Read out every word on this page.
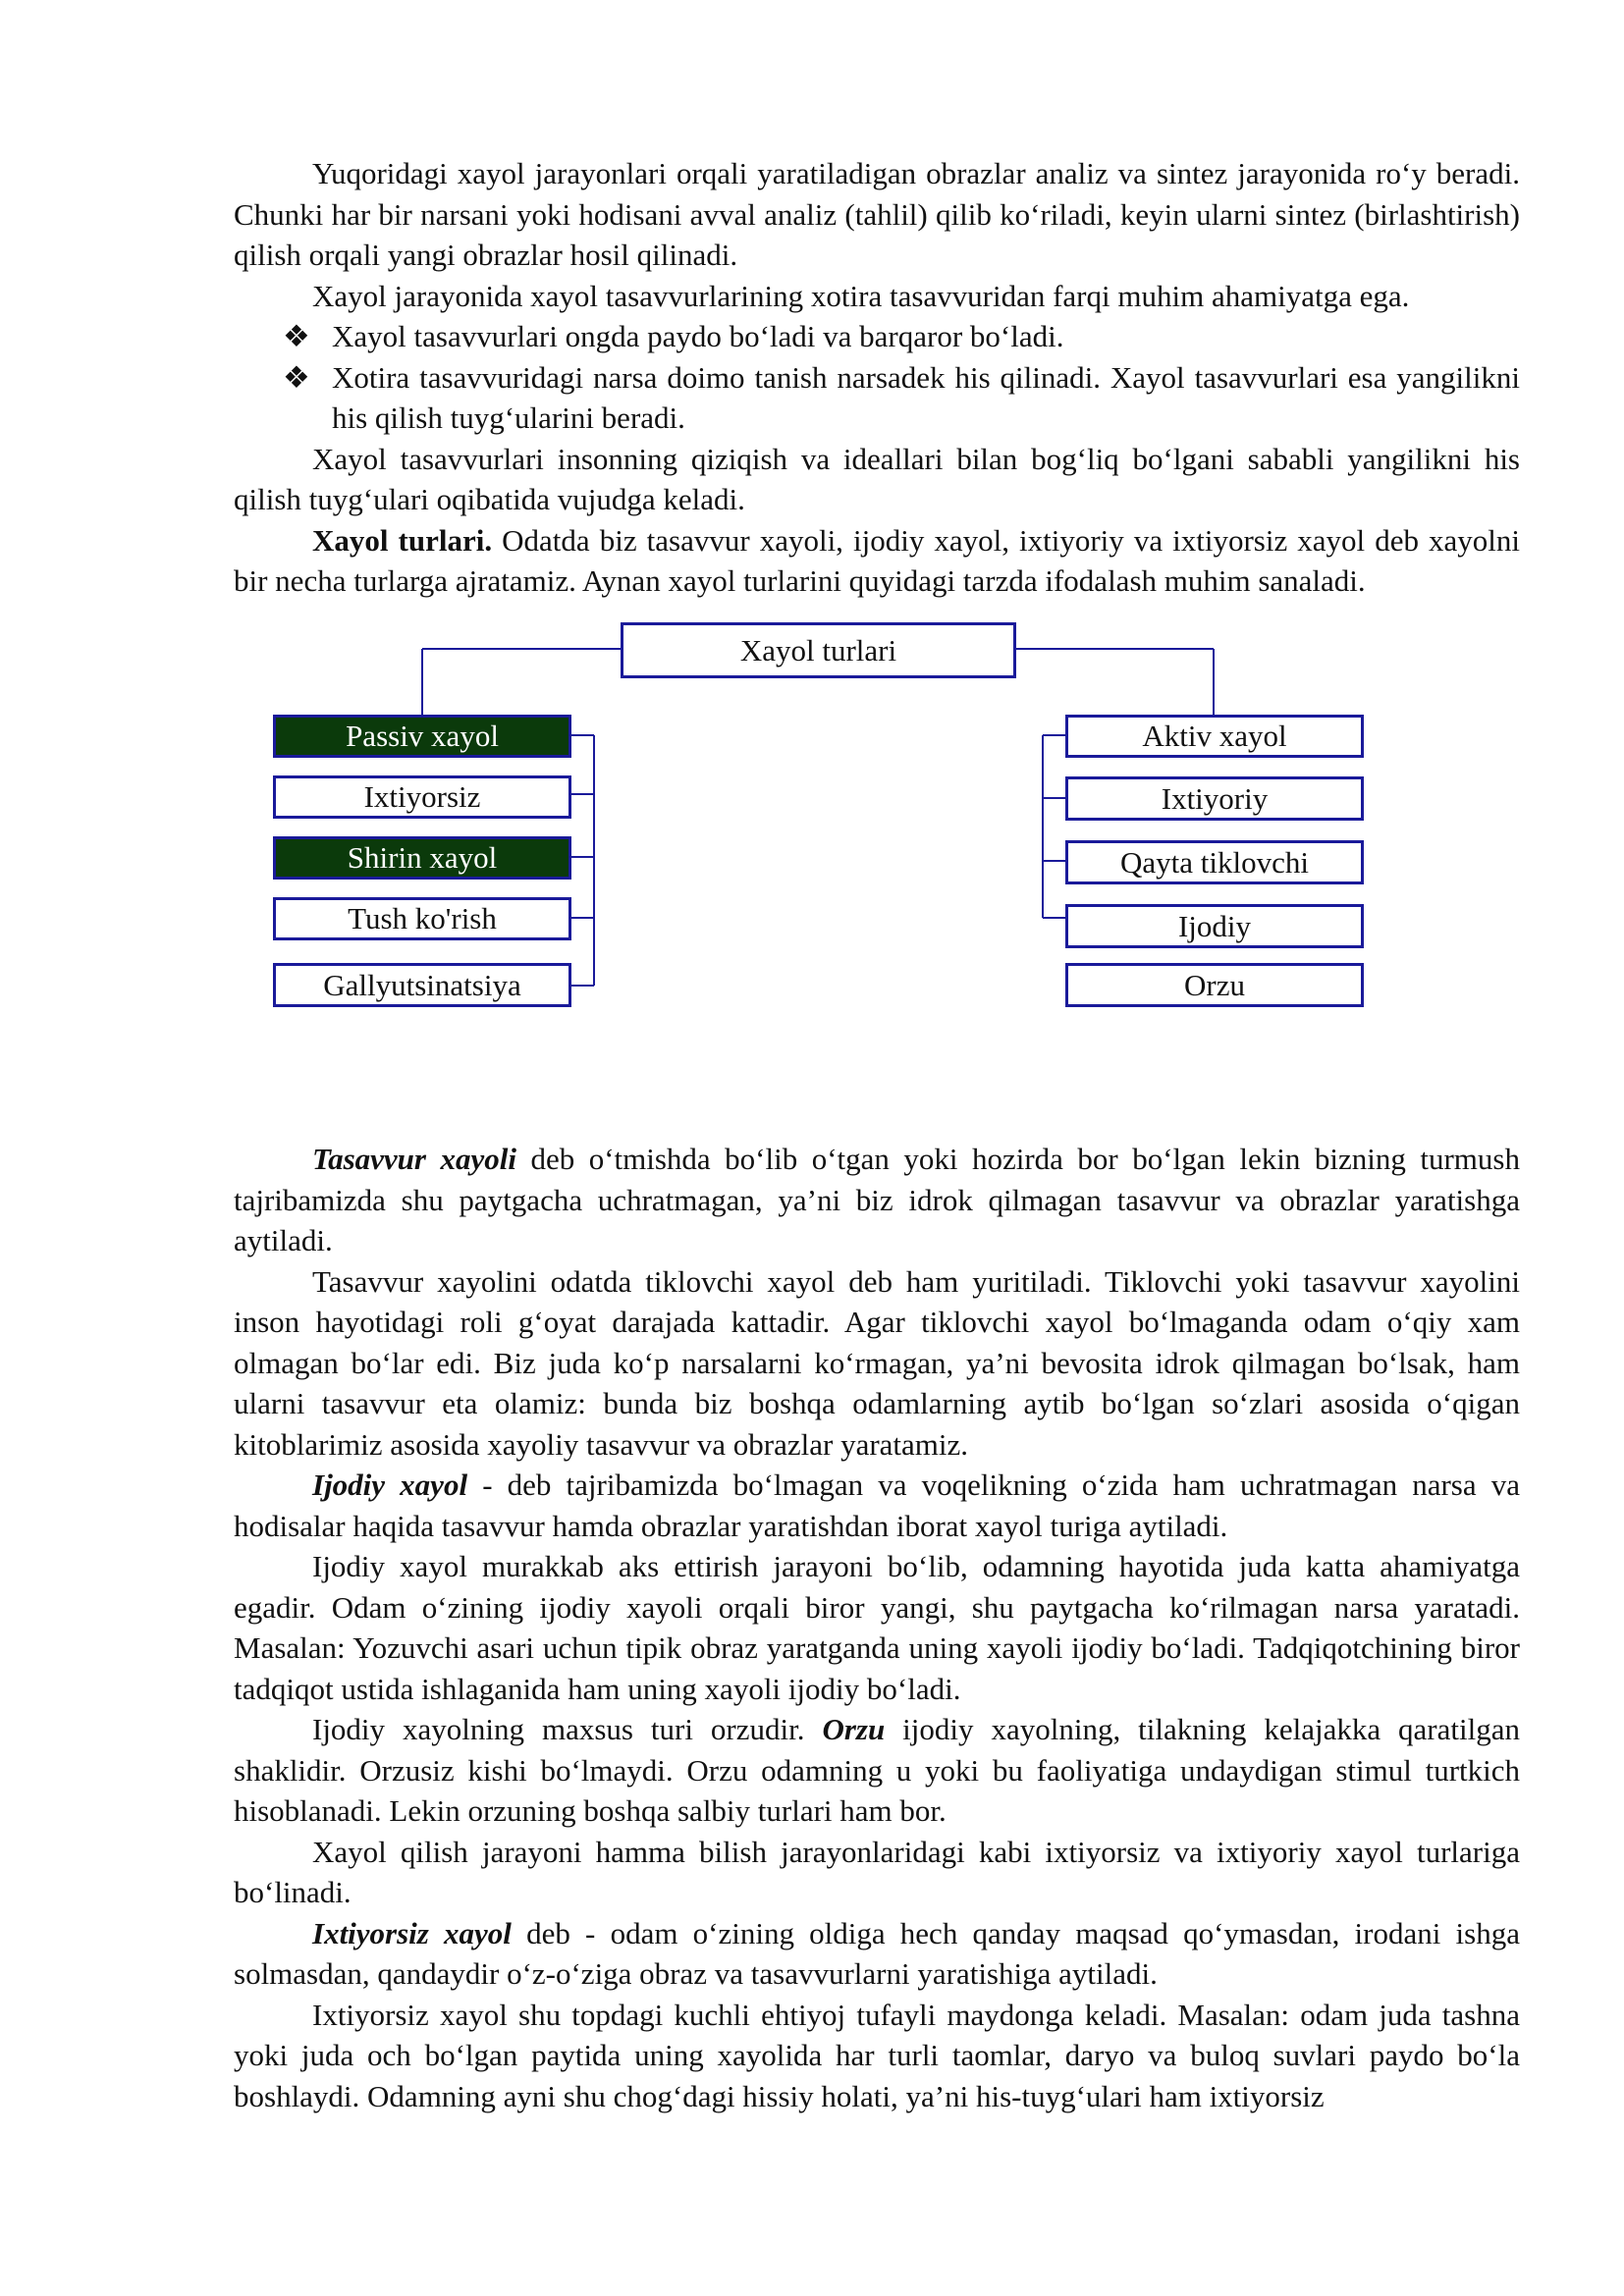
Yuqoridagi xayol jarayonlari orqali yaratiladigan obrazlar analiz va sintez jarayonida ro‘y beradi. Chunki har bir narsani yoki hodisani avval analiz (tahlil) qilib ko‘riladi, keyin ularni sintez (birlashtirish) qilish orqali yangi obrazlar hosil qilinadi.

Xayol jarayonida xayol tasavvurlarining xotira tasavvuridan farqi muhim ahamiyatga ega.

❖ Xayol tasavvurlari ongda paydo bo‘ladi va barqaror bo‘ladi.

❖ Xotira tasavvuridagi narsa doimo tanish narsadek his qilinadi. Xayol tasavvurlari esa yangilikni his qilish tuyg‘ularini beradi.

Xayol tasavvurlari insonning qiziqish va ideallari bilan bog‘liq bo‘lgani sababli yangilikni his qilish tuyg‘ulari oqibatida vujudga keladi.

Xayol turlari. Odatda biz tasavvur xayoli, ijodiy xayol, ixtiyoriy va ixtiyorsiz xayol deb xayolni bir necha turlarga ajratamiz. Aynan xayol turlarini quyidagi tarzda ifodalash muhim sanaladi.

Xayol turlari
Passiv xayol
Ixtiyorsiz
Shirin xayol
Tush ko'rish
Gallyutsinatsiya
Aktiv xayol
Ixtiyoriy
Qayta tiklovchi
Ijodiy
Orzu

Tasavvur xayoli deb o‘tmishda bo‘lib o‘tgan yoki hozirda bor bo‘lgan lekin bizning turmush tajribamizda shu paytgacha uchratmagan, ya’ni biz idrok qilmagan tasavvur va obrazlar yaratishga aytiladi.

Tasavvur xayolini odatda tiklovchi xayol deb ham yuritiladi. Tiklovchi yoki tasavvur xayolini inson hayotidagi roli g‘oyat darajada kattadir. Agar tiklovchi xayol bo‘lmaganda odam o‘qiy xam olmagan bo‘lar edi. Biz juda ko‘p narsalarni ko‘rmagan, ya’ni bevosita idrok qilmagan bo‘lsak, ham ularni tasavvur eta olamiz: bunda biz boshqa odamlarning aytib bo‘lgan so‘zlari asosida o‘qigan kitoblarimiz asosida xayoliy tasavvur va obrazlar yaratamiz.

Ijodiy xayol - deb tajribamizda bo‘lmagan va voqelikning o‘zida ham uchratmagan narsa va hodisalar haqida tasavvur hamda obrazlar yaratishdan iborat xayol turiga aytiladi.

Ijodiy xayol murakkab aks ettirish jarayoni bo‘lib, odamning hayotida juda katta ahamiyatga egadir. Odam o‘zining ijodiy xayoli orqali biror yangi, shu paytgacha ko‘rilmagan narsa yaratadi. Masalan: Yozuvchi asari uchun tipik obraz yaratganda uning xayoli ijodiy bo‘ladi. Tadqiqotchining biror tadqiqot ustida ishlaganida ham uning xayoli ijodiy bo‘ladi.

Ijodiy xayolning maxsus turi orzudir. Orzu ijodiy xayolning, tilakning kelajakka qaratilgan shaklidir. Orzusiz kishi bo‘lmaydi. Orzu odamning u yoki bu faoliyatiga undaydigan stimul turtkich hisoblanadi. Lekin orzuning boshqa salbiy turlari ham bor.

Xayol qilish jarayoni hamma bilish jarayonlaridagi kabi ixtiyorsiz va ixtiyoriy xayol turlariga bo‘linadi.

Ixtiyorsiz xayol deb - odam o‘zining oldiga hech qanday maqsad qo‘ymasdan, irodani ishga solmasdan, qandaydir o‘z-o‘ziga obraz va tasavvurlarni yaratishiga aytiladi.

Ixtiyorsiz xayol shu topdagi kuchli ehtiyoj tufayli maydonga keladi. Masalan: odam juda tashna yoki juda och bo‘lgan paytida uning xayolida har turli taomlar, daryo va buloq suvlari paydo bo‘la boshlaydi. Odamning ayni shu chog‘dagi hissiy holati, ya’ni his-tuyg‘ulari ham ixtiyorsiz
